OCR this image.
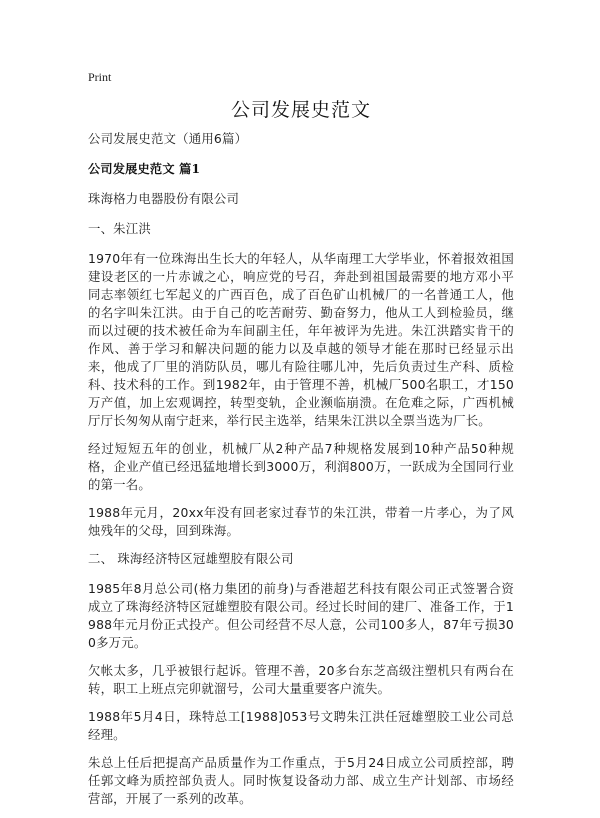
Print
公司发展史范文

公司发展史范文（通用6篇）

公司发展史范文 篇1

珠海格力电器股份有限公司

一、朱江洪

1970年有一位珠海出生长大的年轻人，从华南理工大学毕业，怀着报效祖国建设老区的一片赤诚之心，响应党的号召，奔赴到祖国最需要的地方邓小平同志率领红七军起义的广西百色，成了百色矿山机械厂的一名普通工人，他的名字叫朱江洪。由于自己的吃苦耐劳、勤奋努力，他从工人到检验员，继而以过硬的技术被任命为车间副主任，年年被评为先进。朱江洪踏实肯干的作风、善于学习和解决问题的能力以及卓越的领导才能在那时已经显示出来，他成了厂里的消防队员，哪儿有险往哪儿冲，先后负责过生产科、质检科、技术科的工作。到1982年，由于管理不善，机械厂500名职工，才150万产值，加上宏观调控，转型变轨，企业濒临崩溃。在危难之际，广西机械厅厅长匆匆从南宁赶来，举行民主选举，结果朱江洪以全票当选为厂长。

经过短短五年的创业，机械厂从2种产品7种规格发展到10种产品50种规格，企业产值已经迅猛地增长到3000万，利润800万，一跃成为全国同行业的第一名。

1988年元月，20xx年没有回老家过春节的朱江洪，带着一片孝心，为了风烛残年的父母，回到珠海。

二、 珠海经济特区冠雄塑胶有限公司

1985年8月总公司(格力集团的前身)与香港超艺科技有限公司正式签署合资成立了珠海经济特区冠雄塑胶有限公司。经过长时间的建厂、准备工作，于1988年元月份正式投产。但公司经营不尽人意，公司100多人，87年亏损300多万元。

欠帐太多，几乎被银行起诉。管理不善，20多台东芝高级注塑机只有两台在转，职工上班点完卯就溜号，公司大量重要客户流失。

1988年5月4日，珠特总工[1988]053号文聘朱江洪任冠雄塑胶工业公司总经理。

朱总上任后把提高产品质量作为工作重点，于5月24日成立公司质控部，聘任郭文峰为质控部负责人。同时恢复设备动力部、成立生产计划部、市场经营部，开展了一系列的改革。
